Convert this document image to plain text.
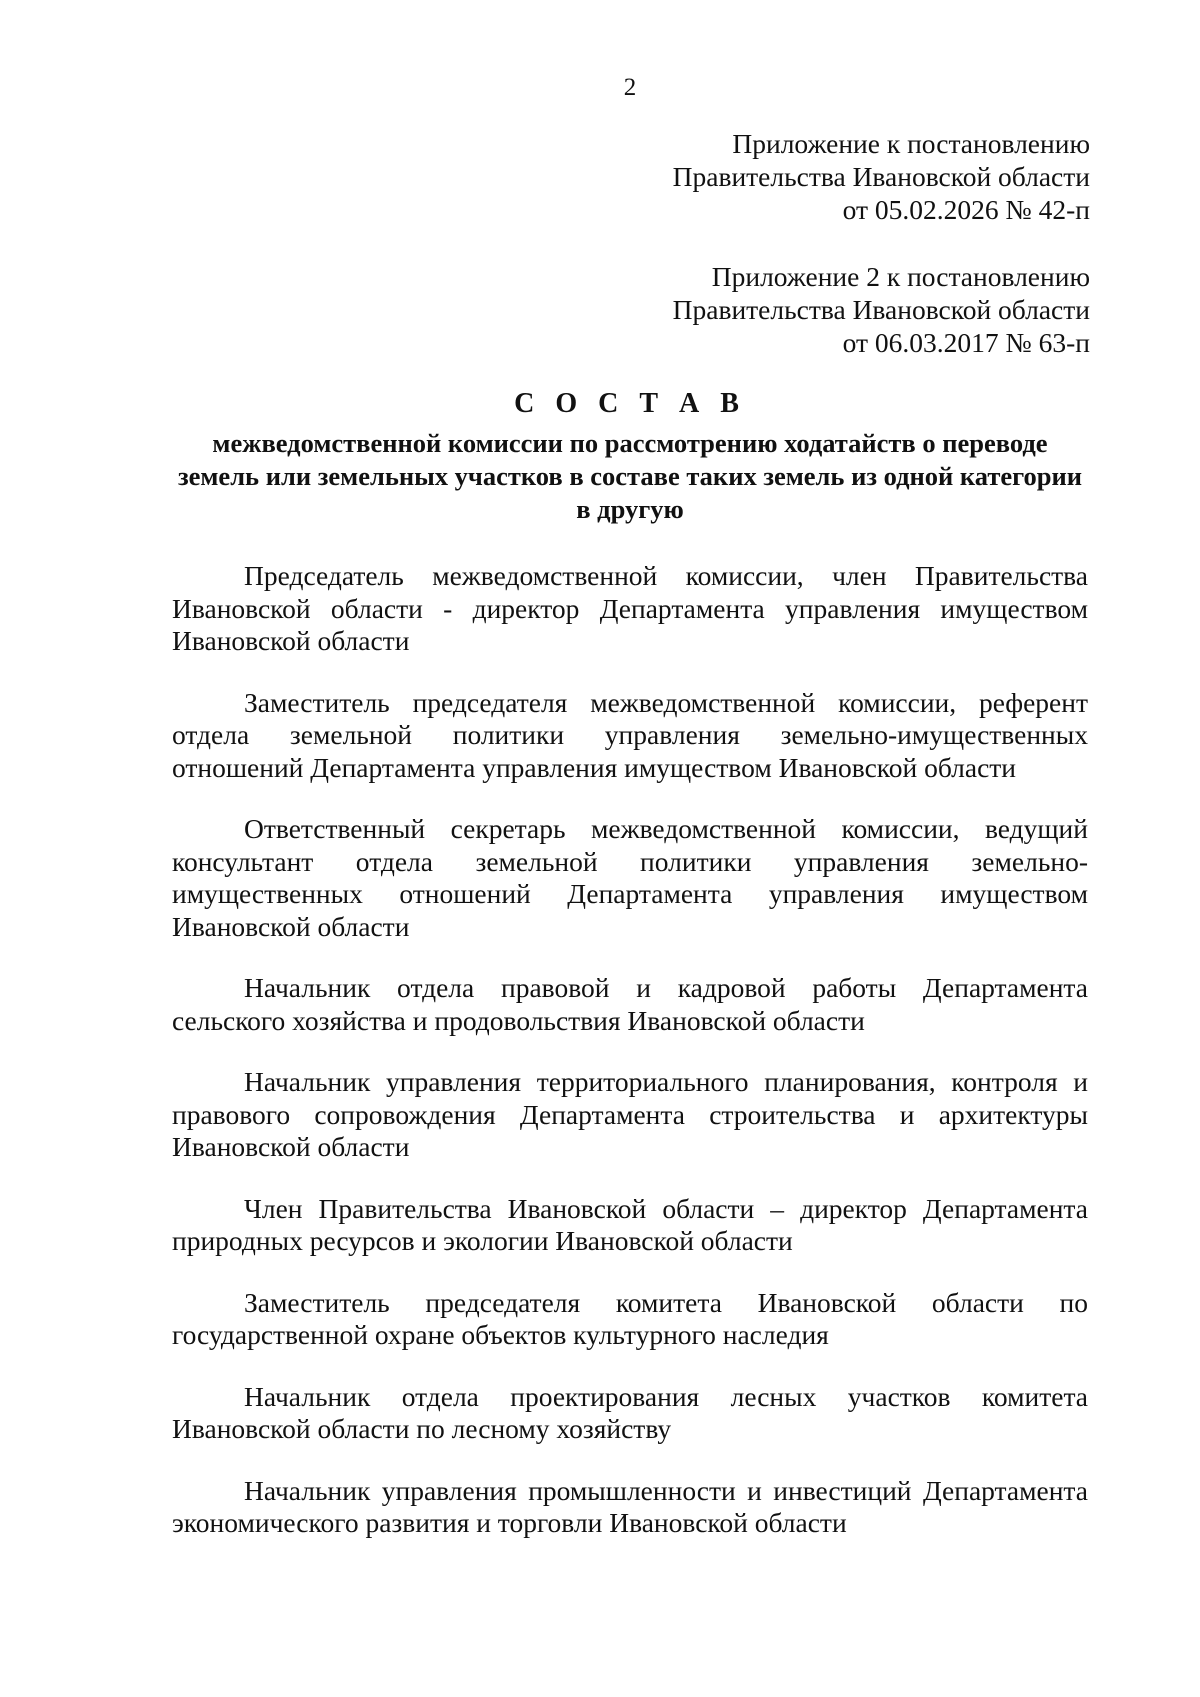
2
Приложение к постановлению
Правительства Ивановской области
от 05.02.2026 № 42-п
Приложение 2 к постановлению
Правительства Ивановской области
от 06.03.2017 № 63-п
С О С Т А В
межведомственной комиссии по рассмотрению ходатайств о переводе земель или земельных участков в составе таких земель из одной категории в другую

Председатель межведомственной комиссии, член Правительства Ивановской области - директор Департамента управления имуществом Ивановской области

Заместитель председателя межведомственной комиссии, референт отдела земельной политики управления земельно-имущественных отношений Департамента управления имуществом Ивановской области

Ответственный секретарь межведомственной комиссии, ведущий консультант отдела земельной политики управления земельно-имущественных отношений Департамента управления имуществом Ивановской области

Начальник отдела правовой и кадровой работы Департамента сельского хозяйства и продовольствия Ивановской области

Начальник управления территориального планирования, контроля и правового сопровождения Департамента строительства и архитектуры Ивановской области

Член Правительства Ивановской области – директор Департамента природных ресурсов и экологии Ивановской области

Заместитель председателя комитета Ивановской области по государственной охране объектов культурного наследия

Начальник отдела проектирования лесных участков комитета Ивановской области по лесному хозяйству

Начальник управления промышленности и инвестиций Департамента экономического развития и торговли Ивановской области
